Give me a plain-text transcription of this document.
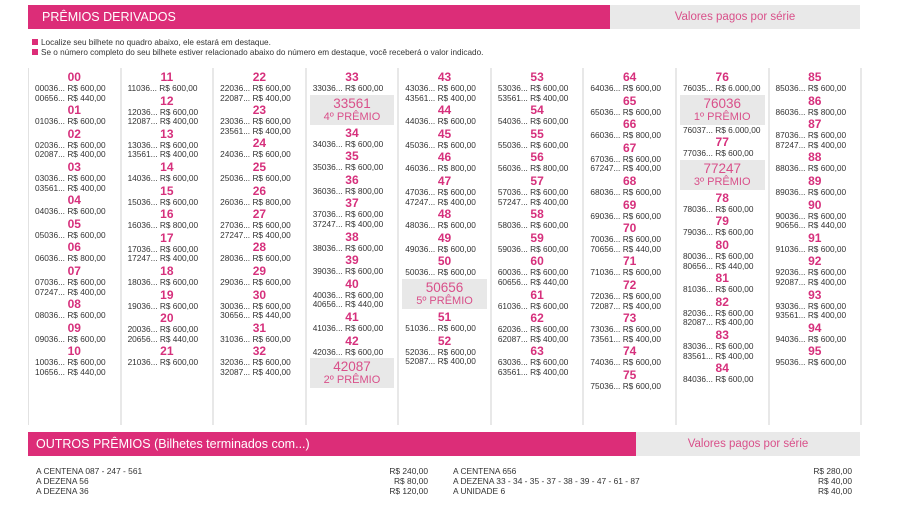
PRÊMIOS DERIVADOS	Valores pagos por série
Localize seu bilhete no quadro abaixo, ele estará em destaque.
Se o número completo do seu bilhete estiver relacionado abaixo do número em destaque, você receberá o valor indicado.
00
00036... R$ 600,00
00656... R$ 440,00
01
01036... R$ 600,00
02
02036... R$ 600,00
02087... R$ 400,00
03
03036... R$ 600,00
03561... R$ 400,00
04
04036... R$ 600,00
05
05036... R$ 600,00
06
06036... R$ 800,00
07
07036... R$ 600,00
07247... R$ 400,00
08
08036... R$ 600,00
09
09036... R$ 600,00
10
10036... R$ 600,00
10656... R$ 440,00
11
11036... R$ 600,00
12
12036... R$ 600,00
12087... R$ 400,00
13
13036... R$ 600,00
13561... R$ 400,00
14
14036... R$ 600,00
15
15036... R$ 600,00
16
16036... R$ 800,00
17
17036... R$ 600,00
17247... R$ 400,00
18
18036... R$ 600,00
19
19036... R$ 600,00
20
20036... R$ 600,00
20656... R$ 440,00
21
21036... R$ 600,00
22
22036... R$ 600,00
22087... R$ 400,00
23
23036... R$ 600,00
23561... R$ 400,00
24
24036... R$ 600,00
25
25036... R$ 600,00
26
26036... R$ 800,00
27
27036... R$ 600,00
27247... R$ 400,00
28
28036... R$ 600,00
29
29036... R$ 600,00
30
30036... R$ 600,00
30656... R$ 440,00
31
31036... R$ 600,00
32
32036... R$ 600,00
32087... R$ 400,00
33
33036... R$ 600,00
33561
4º PRÊMIO
34
34036... R$ 600,00
35
35036... R$ 600,00
36
36036... R$ 800,00
37
37036... R$ 600,00
37247... R$ 400,00
38
38036... R$ 600,00
39
39036... R$ 600,00
40
40036... R$ 600,00
40656... R$ 440,00
41
41036... R$ 600,00
42
42036... R$ 600,00
42087
2º PRÊMIO
43
43036... R$ 600,00
43561... R$ 400,00
44
44036... R$ 600,00
45
45036... R$ 600,00
46
46036... R$ 800,00
47
47036... R$ 600,00
47247... R$ 400,00
48
48036... R$ 600,00
49
49036... R$ 600,00
50
50036... R$ 600,00
50656
5º PRÊMIO
51
51036... R$ 600,00
52
52036... R$ 600,00
52087... R$ 400,00
53
53036... R$ 600,00
53561... R$ 400,00
54
54036... R$ 600,00
55
55036... R$ 600,00
56
56036... R$ 800,00
57
57036... R$ 600,00
57247... R$ 400,00
58
58036... R$ 600,00
59
59036... R$ 600,00
60
60036... R$ 600,00
60656... R$ 440,00
61
61036... R$ 600,00
62
62036... R$ 600,00
62087... R$ 400,00
63
63036... R$ 600,00
63561... R$ 400,00
64
64036... R$ 600,00
65
65036... R$ 600,00
66
66036... R$ 800,00
67
67036... R$ 600,00
67247... R$ 400,00
68
68036... R$ 600,00
69
69036... R$ 600,00
70
70036... R$ 600,00
70656... R$ 440,00
71
71036... R$ 600,00
72
72036... R$ 600,00
72087... R$ 400,00
73
73036... R$ 600,00
73561... R$ 400,00
74
74036... R$ 600,00
75
75036... R$ 600,00
76
76035... R$ 6.000,00
76036
1º PRÊMIO
76037... R$ 6.000,00
77
77036... R$ 600,00
77247
3º PRÊMIO
78
78036... R$ 600,00
79
79036... R$ 600,00
80
80036... R$ 600,00
80656... R$ 440,00
81
81036... R$ 600,00
82
82036... R$ 600,00
82087... R$ 400,00
83
83036... R$ 600,00
83561... R$ 400,00
84
84036... R$ 600,00
85
85036... R$ 600,00
86
86036... R$ 800,00
87
87036... R$ 600,00
87247... R$ 400,00
88
88036... R$ 600,00
89
89036... R$ 600,00
90
90036... R$ 600,00
90656... R$ 440,00
91
91036... R$ 600,00
92
92036... R$ 600,00
92087... R$ 400,00
93
93036... R$ 600,00
93561... R$ 400,00
94
94036... R$ 600,00
95
95036... R$ 600,00
OUTROS PRÊMIOS (Bilhetes terminados com...)	Valores pagos por série
A CENTENA 087 - 247 - 561	R$ 240,00
A DEZENA 56	R$ 80,00
A DEZENA 36	R$ 120,00
A CENTENA 656	R$ 280,00
A DEZENA 33 - 34 - 35 - 37 - 38 - 39 - 47 - 61 - 87	R$ 40,00
A UNIDADE 6	R$ 40,00
